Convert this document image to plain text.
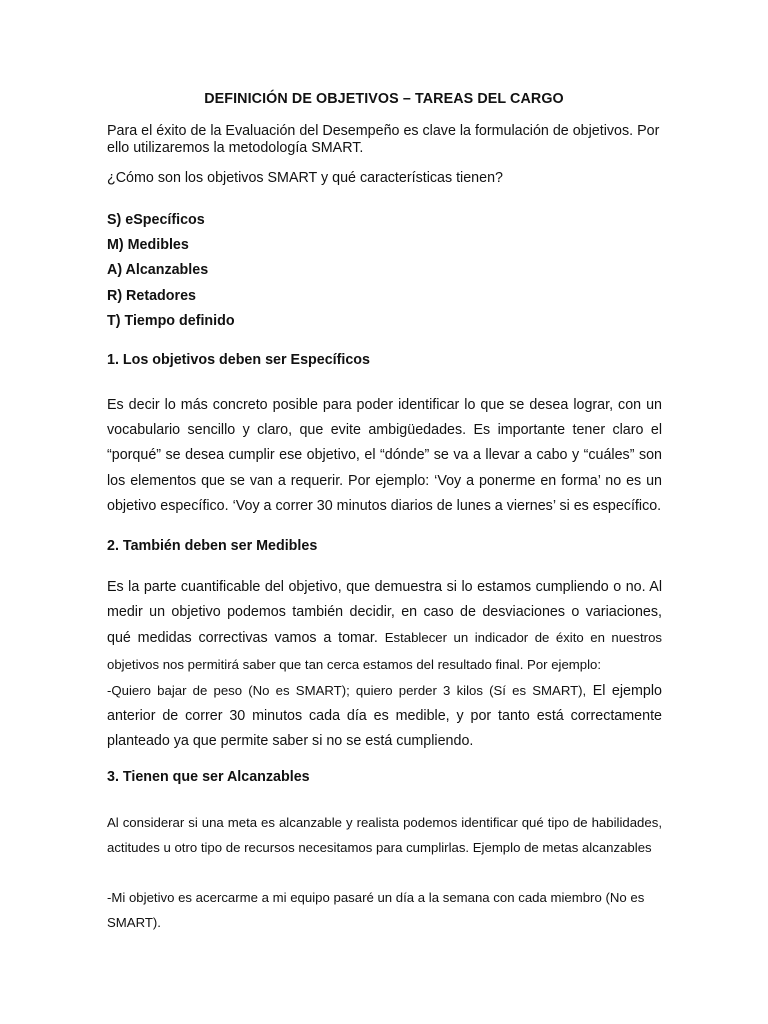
DEFINICIÓN DE OBJETIVOS – TAREAS DEL CARGO
Para el éxito de la Evaluación del Desempeño es clave la formulación de objetivos. Por
ello utilizaremos la metodología SMART.
¿Cómo son los objetivos SMART y qué características tienen?
S) eSpecíficos
M) Medibles
A) Alcanzables
R) Retadores
T) Tiempo definido
1. Los objetivos deben ser Específicos
Es decir lo más concreto posible para poder identificar lo que se desea lograr, con un vocabulario sencillo y claro, que evite ambigüedades. Es importante tener claro el “porqué” se desea cumplir ese objetivo, el “dónde” se va a llevar a cabo y “cuáles” son los elementos que se van a requerir. Por ejemplo: ‘Voy a ponerme en forma’ no es un objetivo específico. ‘Voy a correr 30 minutos diarios de lunes a viernes’ si es específico.
2. También deben ser Medibles
Es la parte cuantificable del objetivo, que demuestra si lo estamos cumpliendo o no. Al medir un objetivo podemos también decidir, en caso de desviaciones o variaciones, qué medidas correctivas vamos a tomar. Establecer un indicador de éxito en nuestros objetivos nos permitirá saber que tan cerca estamos del resultado final. Por ejemplo:
-Quiero bajar de peso (No es SMART); quiero perder 3 kilos (Sí es SMART), El ejemplo anterior de correr 30 minutos cada día es medible, y por tanto está correctamente planteado ya que permite saber si no se está cumpliendo.
3. Tienen que ser Alcanzables
Al considerar si una meta es alcanzable y realista podemos identificar qué tipo de habilidades, actitudes u otro tipo de recursos necesitamos para cumplirlas. Ejemplo de metas alcanzables
-Mi objetivo es acercarme a mi equipo pasaré un día a la semana con cada miembro (No es SMART).
